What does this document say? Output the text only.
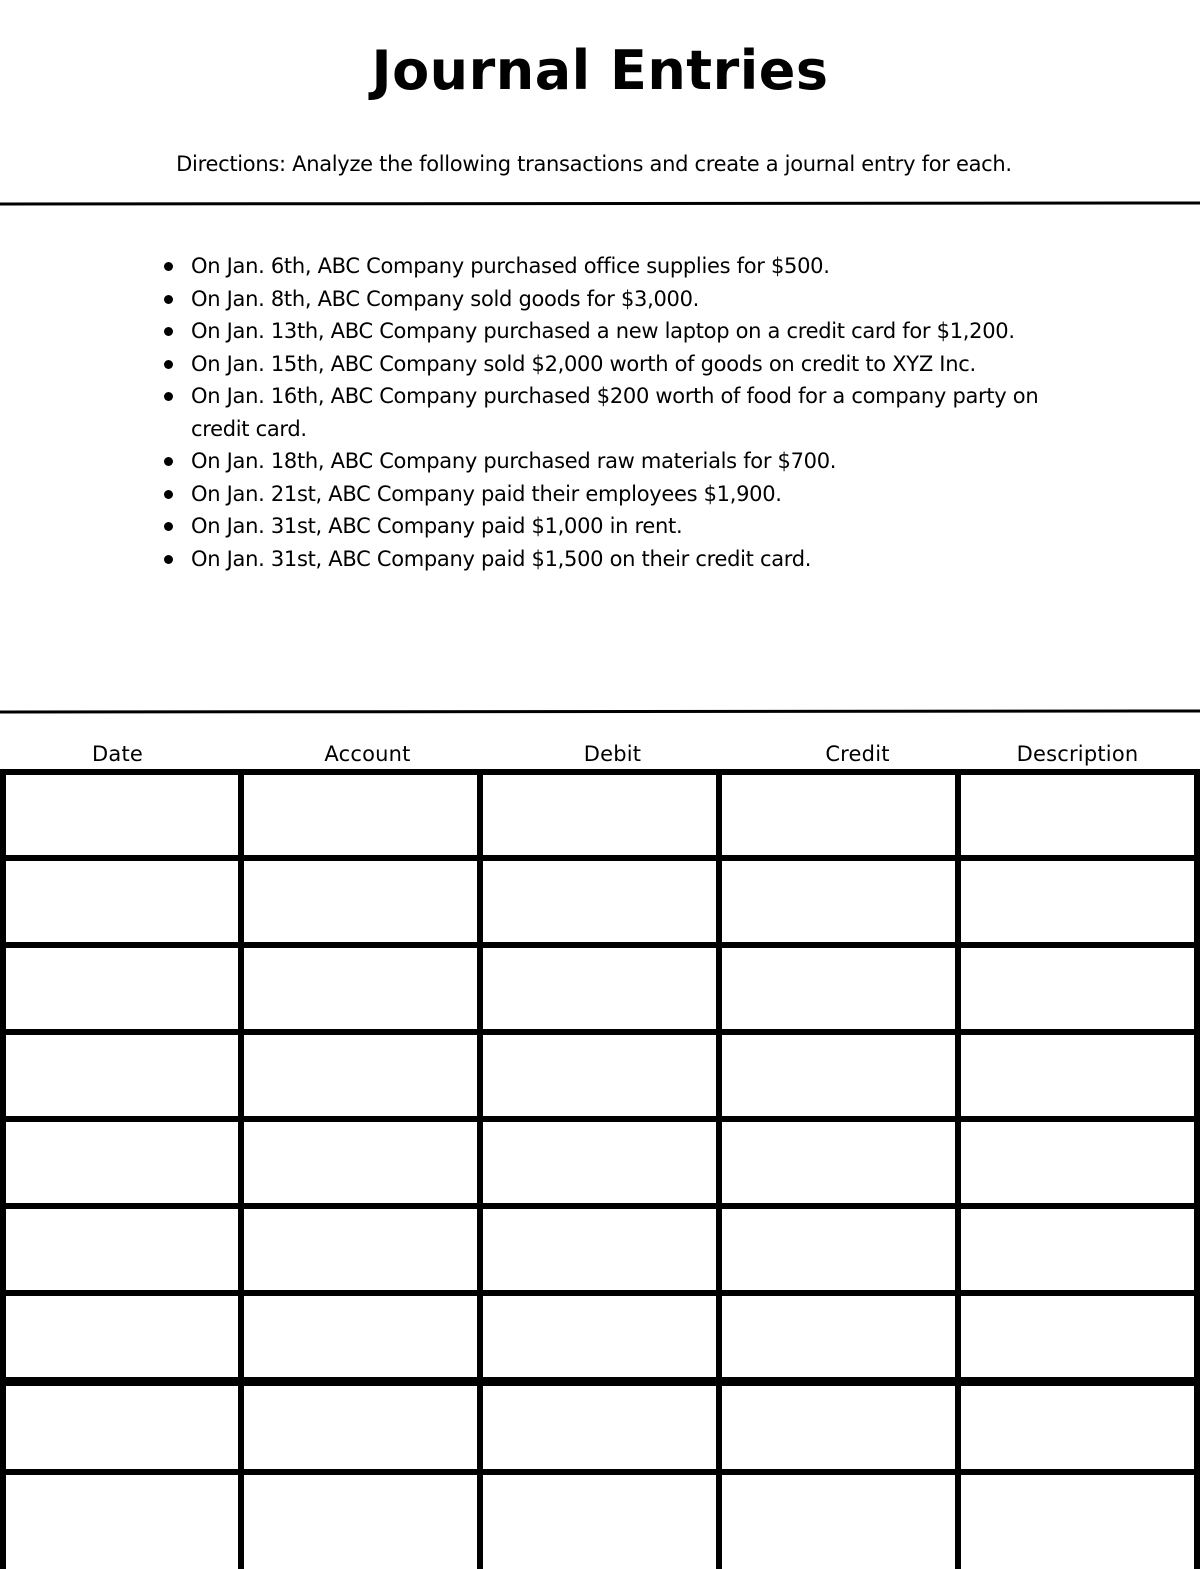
Journal Entries
Directions: Analyze the following transactions and create a journal entry for each.
On Jan. 6th, ABC Company purchased office supplies for $500.
On Jan. 8th, ABC Company sold goods for $3,000.
On Jan. 13th, ABC Company purchased a new laptop on a credit card for $1,200.
On Jan. 15th, ABC Company sold $2,000 worth of goods on credit to XYZ Inc.
On Jan. 16th, ABC Company purchased $200 worth of food for a company party on credit card.
On Jan. 18th, ABC Company purchased raw materials for $700.
On Jan. 21st, ABC Company paid their employees $1,900.
On Jan. 31st, ABC Company paid $1,000 in rent.
On Jan. 31st, ABC Company paid $1,500 on their credit card.
Date	Account	Debit	Credit	Description
